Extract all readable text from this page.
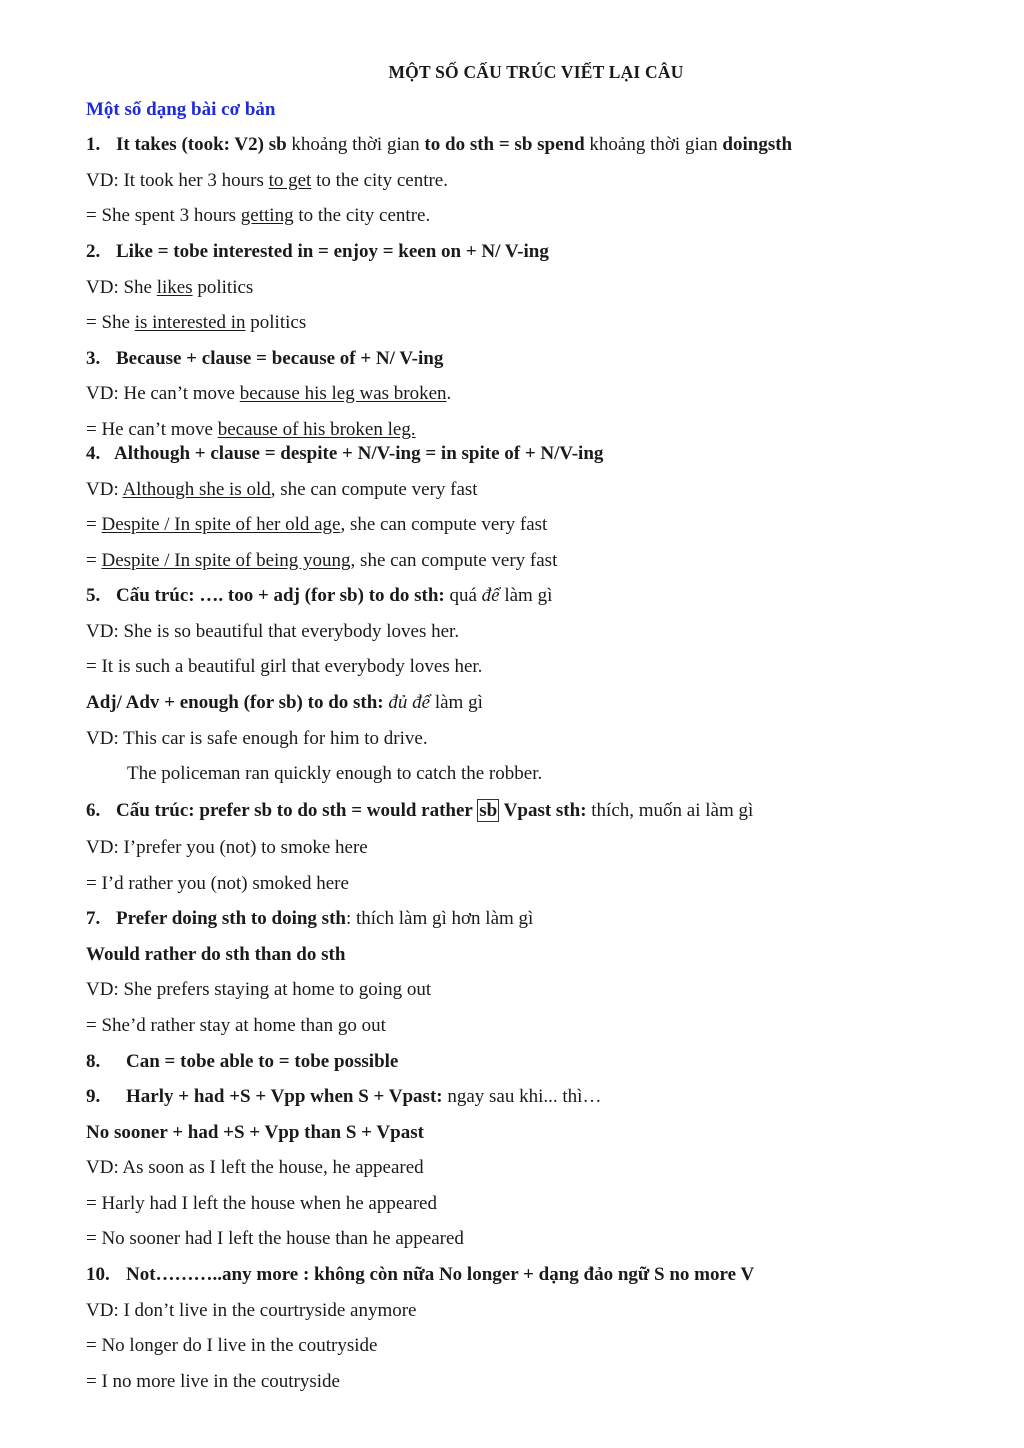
MỘT SỐ CẤU TRÚC VIẾT LẠI CÂU
Một số dạng bài cơ bản
1. It takes (took: V2) sb khoảng thời gian to do sth = sb spend khoảng thời gian doingsth
VD: It took her 3 hours to get to the city centre.
= She spent 3 hours getting to the city centre.
2. Like = tobe interested in = enjoy = keen on + N/ V-ing
VD: She likes politics
= She is interested in politics
3. Because + clause = because of + N/ V-ing
VD: He can’t move because his leg was broken.
= He can’t move because of his broken leg.
4. Although + clause = despite + N/V-ing = in spite of + N/V-ing
VD: Although she is old, she can compute very fast
= Despite / In spite of her old age, she can compute very fast
= Despite / In spite of being young, she can compute very fast
5. Cấu trúc: …. too + adj (for sb) to do sth: quá để làm gì
VD: She is so beautiful that everybody loves her.
= It is such a beautiful girl that everybody loves her.
Adj/ Adv + enough (for sb) to do sth: đủ để làm gì
VD: This car is safe enough for him to drive.
The policeman ran quickly enough to catch the robber.
6. Cấu trúc: prefer sb to do sth = would rather sb Vpast sth: thích, muốn ai làm gì
VD: I’prefer you (not) to smoke here
= I’d rather you (not) smoked here
7. Prefer doing sth to doing sth: thích làm gì hơn làm gì
Would rather do sth than do sth
VD: She prefers staying at home to going out
= She’d rather stay at home than go out
8. Can = tobe able to = tobe possible
9. Harly + had +S + Vpp when S + Vpast: ngay sau khi... thì…
No sooner + had +S + Vpp than S + Vpast
VD: As soon as I left the house, he appeared
= Harly had I left the house when he appeared
= No sooner had I left the house than he appeared
10. Not………..any more : không còn nữa No longer + dạng đảo ngữ S no more V
VD: I don’t live in the courtryside anymore
= No longer do I live in the coutryside
= I no more live in the coutryside
